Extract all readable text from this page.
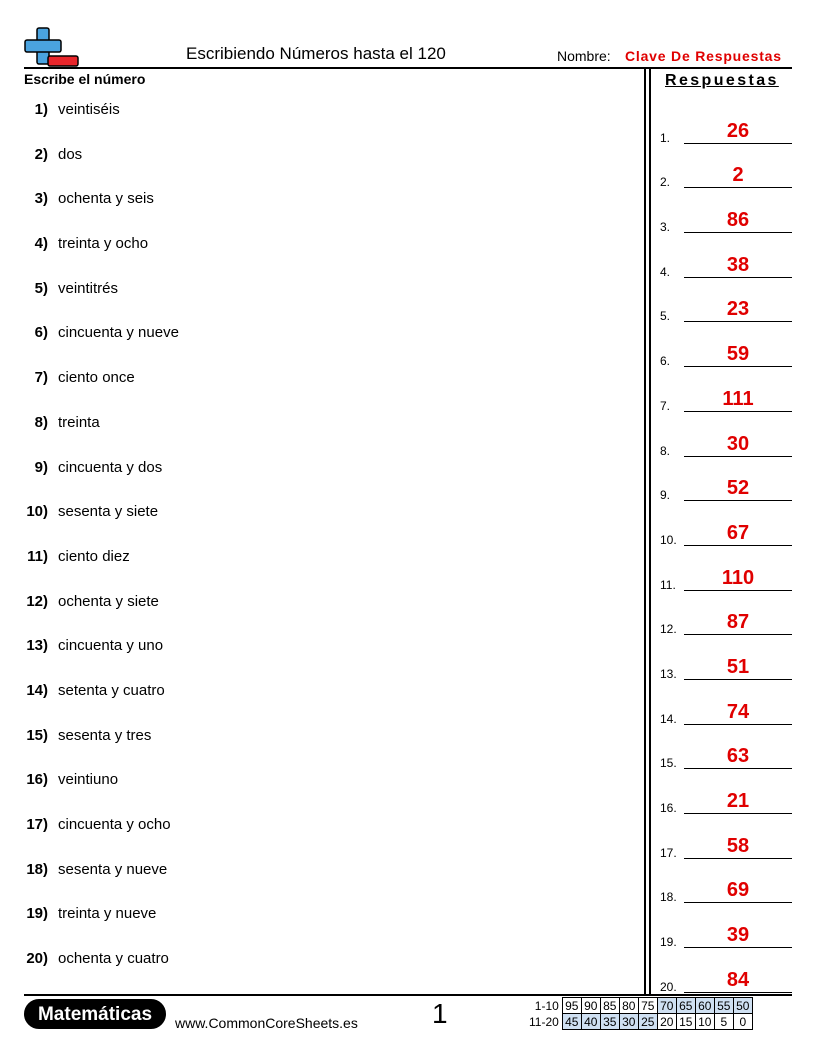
Escribiendo Números hasta el 120	Nombre: Clave De Respuestas
Escribe el número	Respuestas
1) veintiséis
2) dos
3) ochenta y seis
4) treinta y ocho
5) veintitrés
6) cincuenta y nueve
7) ciento once
8) treinta
9) cincuenta y dos
10) sesenta y siete
11) ciento diez
12) ochenta y siete
13) cincuenta y uno
14) setenta y cuatro
15) sesenta y tres
16) veintiuno
17) cincuenta y ocho
18) sesenta y nueve
19) treinta y nueve
20) ochenta y cuatro
1.	26
2.	2
3.	86
4.	38
5.	23
6.	59
7.	111
8.	30
9.	52
10.	67
11.	110
12.	87
13.	51
14.	74
15.	63
16.	21
17.	58
18.	69
19.	39
20.	84
Matemáticas	www.CommonCoreSheets.es	1	1-10	95	90	85	80	75	70	65	60	55	50
11-20	45	40	35	30	25	20	15	10	5	0
